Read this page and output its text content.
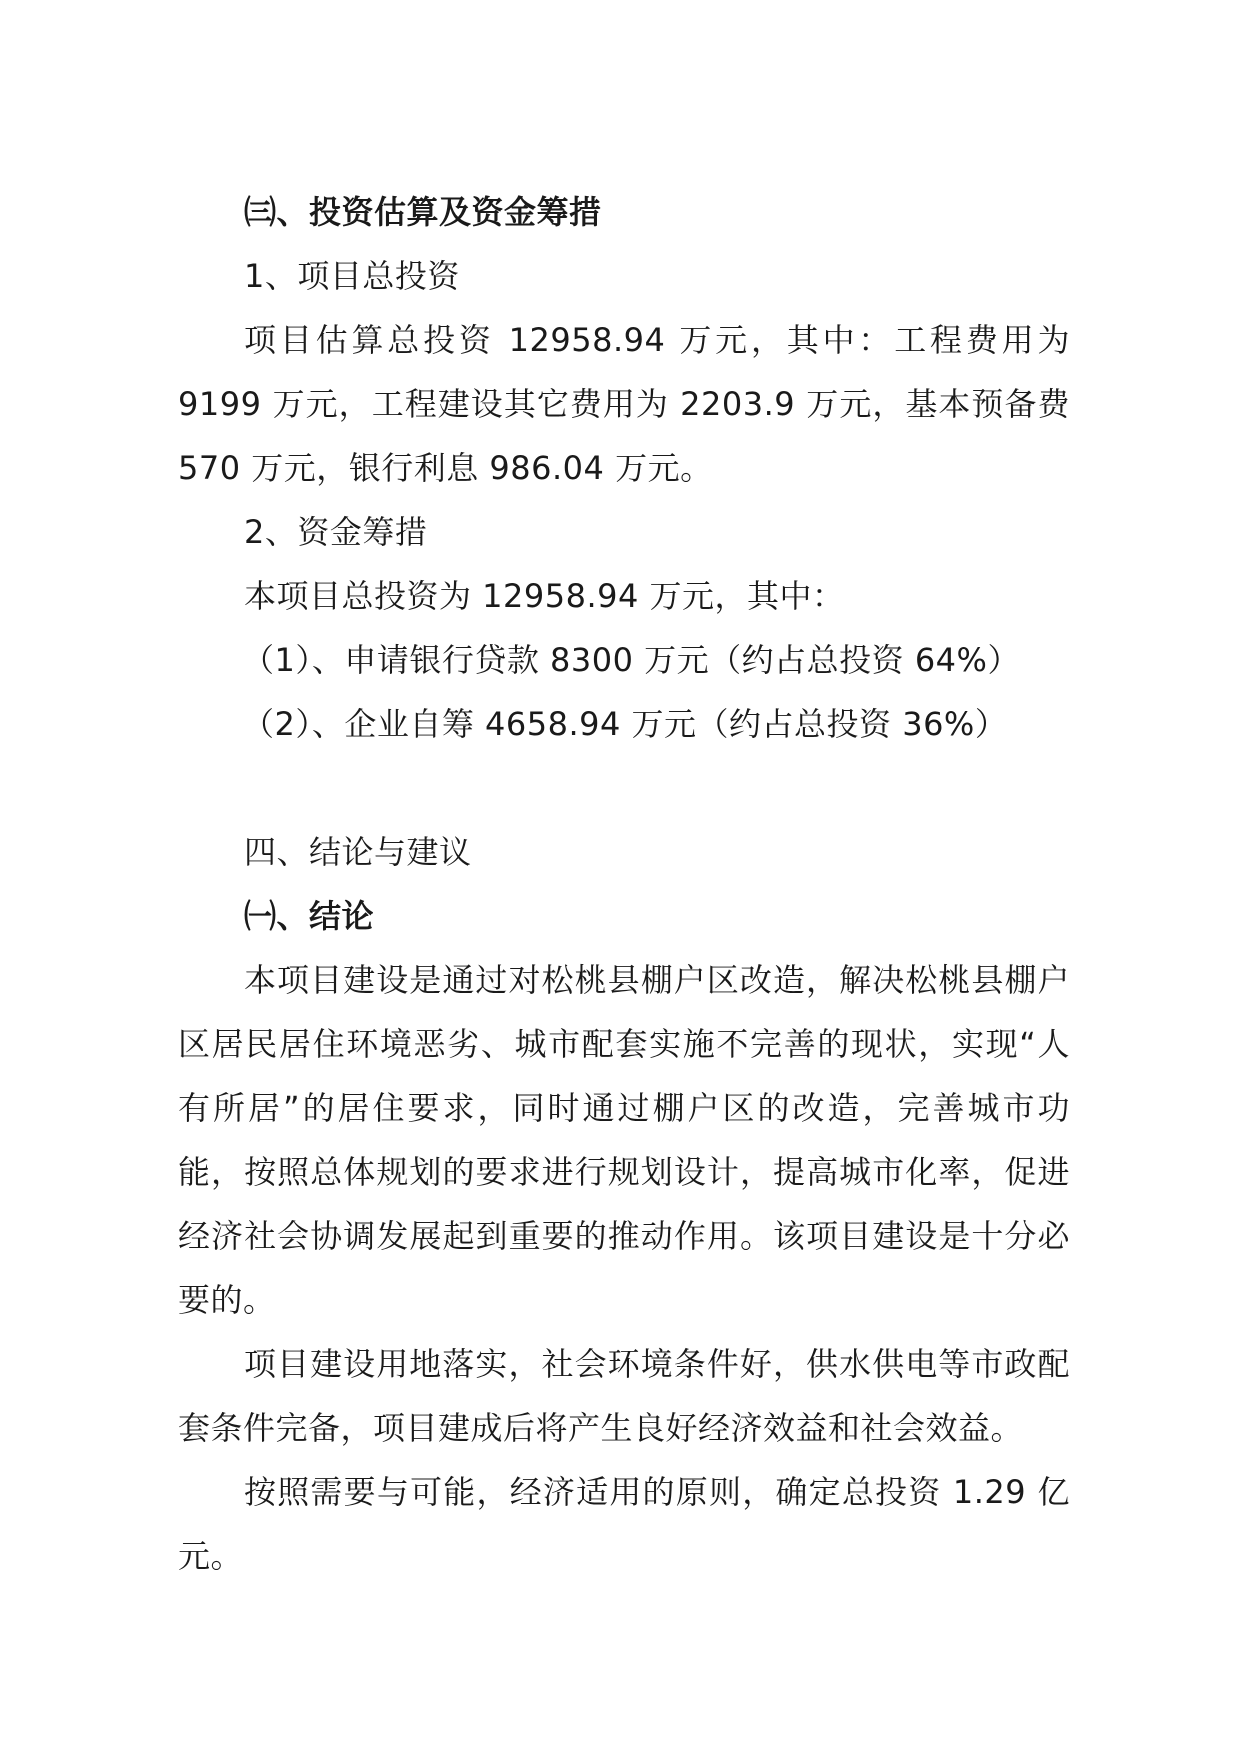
㈢、投资估算及资金筹措
1、项目总投资
项目估算总投资 12958.94 万元，其中：工程费用为 9199 万元，工程建设其它费用为 2203.9 万元，基本预备费 570 万元，银行利息 986.04 万元。
2、资金筹措
本项目总投资为 12958.94 万元，其中：
（1）、申请银行贷款 8300 万元（约占总投资 64%）
（2）、企业自筹 4658.94 万元（约占总投资 36%）
四、结论与建议
㈠、结论
本项目建设是通过对松桃县棚户区改造，解决松桃县棚户区居民居住环境恶劣、城市配套实施不完善的现状，实现“人有所居”的居住要求，同时通过棚户区的改造，完善城市功能，按照总体规划的要求进行规划设计，提高城市化率，促进经济社会协调发展起到重要的推动作用。该项目建设是十分必要的。
项目建设用地落实，社会环境条件好，供水供电等市政配套条件完备，项目建成后将产生良好经济效益和社会效益。
按照需要与可能，经济适用的原则，确定总投资 1.29 亿元。
